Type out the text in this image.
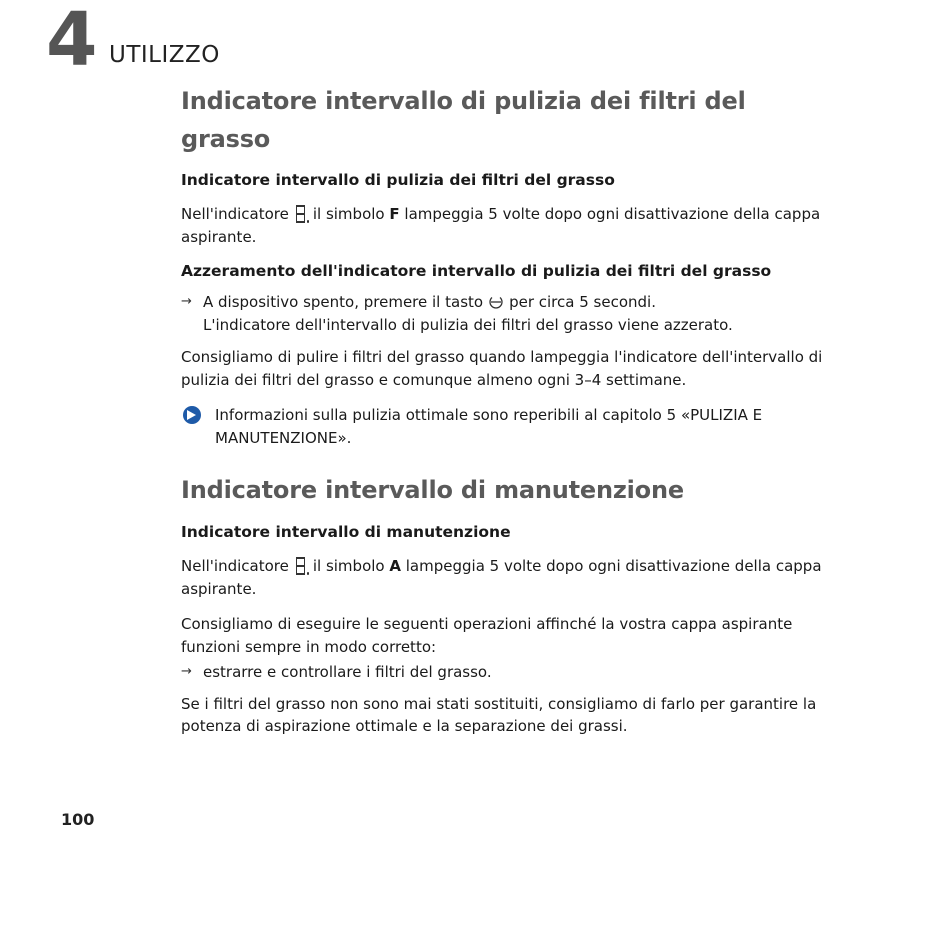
4 UTILIZZO
Indicatore intervallo di pulizia dei filtri del grasso
Indicatore intervallo di pulizia dei filtri del grasso

Nell'indicatore il simbolo F lampeggia 5 volte dopo ogni disattivazione della cappa aspirante.

Azzeramento dell'indicatore intervallo di pulizia dei filtri del grasso
→ A dispositivo spento, premere il tasto per circa 5 secondi.
L'indicatore dell'intervallo di pulizia dei filtri del grasso viene azzerato.

Consigliamo di pulire i filtri del grasso quando lampeggia l'indicatore dell'intervallo di pulizia dei filtri del grasso e comunque almeno ogni 3–4 settimane.

Informazioni sulla pulizia ottimale sono reperibili al capitolo 5 «PULIZIA E MANUTENZIONE».
Indicatore intervallo di manutenzione
Indicatore intervallo di manutenzione

Nell'indicatore il simbolo A lampeggia 5 volte dopo ogni disattivazione della cappa aspirante.

Consigliamo di eseguire le seguenti operazioni affinché la vostra cappa aspirante funzioni sempre in modo corretto:

→ estrarre e controllare i filtri del grasso.

Se i filtri del grasso non sono mai stati sostituiti, consigliamo di farlo per garantire la potenza di aspirazione ottimale e la separazione dei grassi.

100
